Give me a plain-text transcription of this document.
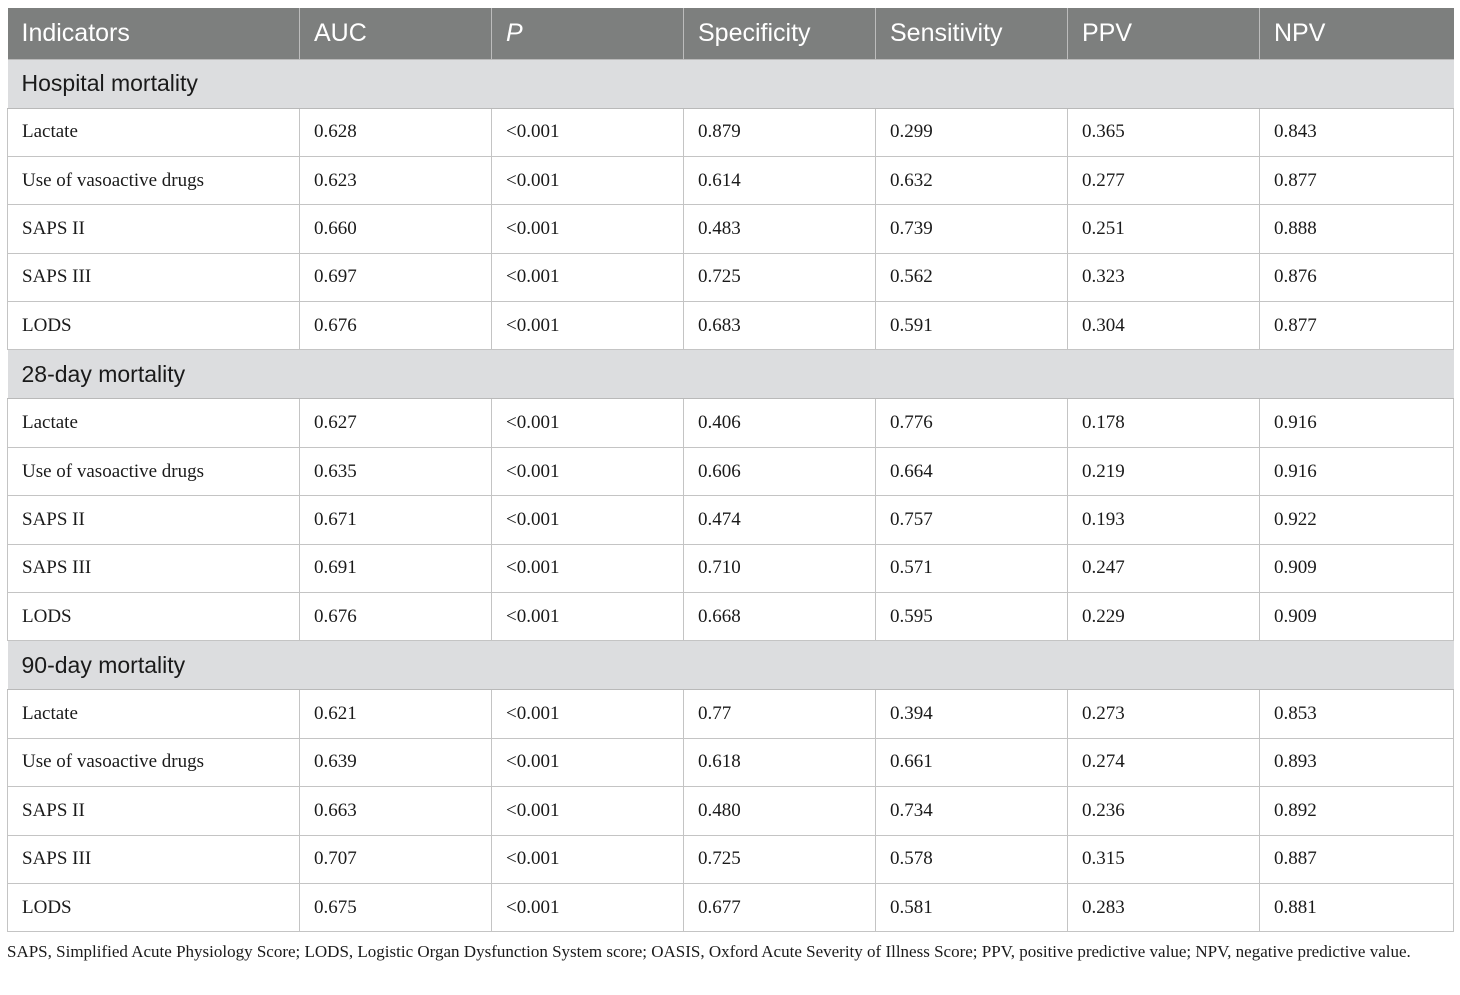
Indicators	AUC	P	Specificity	Sensitivity	PPV	NPV
Hospital mortality						
Lactate	0.628	<0.001	0.879	0.299	0.365	0.843
Use of vasoactive drugs	0.623	<0.001	0.614	0.632	0.277	0.877
SAPS II	0.660	<0.001	0.483	0.739	0.251	0.888
SAPS III	0.697	<0.001	0.725	0.562	0.323	0.876
LODS	0.676	<0.001	0.683	0.591	0.304	0.877
28-day mortality						
Lactate	0.627	<0.001	0.406	0.776	0.178	0.916
Use of vasoactive drugs	0.635	<0.001	0.606	0.664	0.219	0.916
SAPS II	0.671	<0.001	0.474	0.757	0.193	0.922
SAPS III	0.691	<0.001	0.710	0.571	0.247	0.909
LODS	0.676	<0.001	0.668	0.595	0.229	0.909
90-day mortality						
Lactate	0.621	<0.001	0.77	0.394	0.273	0.853
Use of vasoactive drugs	0.639	<0.001	0.618	0.661	0.274	0.893
SAPS II	0.663	<0.001	0.480	0.734	0.236	0.892
SAPS III	0.707	<0.001	0.725	0.578	0.315	0.887
LODS	0.675	<0.001	0.677	0.581	0.283	0.881
SAPS, Simplified Acute Physiology Score; LODS, Logistic Organ Dysfunction System score; OASIS, Oxford Acute Severity of Illness Score; PPV, positive predictive value; NPV, negative predictive value.
